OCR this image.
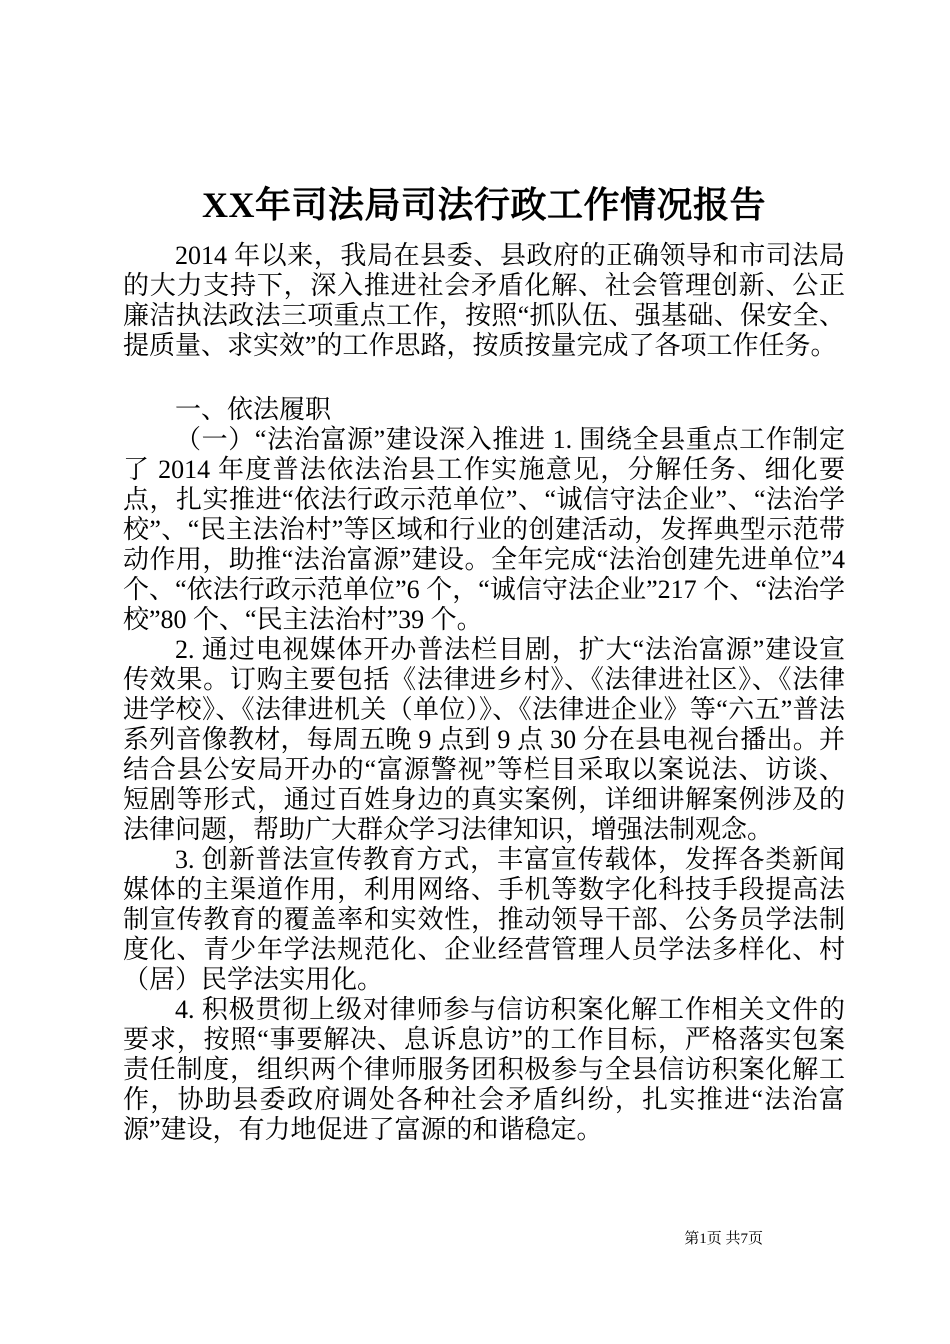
XX年司法局司法行政工作情况报告

2014 年以来，我局在县委、县政府的正确领导和市司法局的大力支持下，深入推进社会矛盾化解、社会管理创新、公正廉洁执法政法三项重点工作，按照“抓队伍、强基础、保安全、提质量、求实效”的工作思路，按质按量完成了各项工作任务。

一、依法履职

（一）“法治富源”建设深入推进 1. 围绕全县重点工作制定了 2014 年度普法依法治县工作实施意见，分解任务、细化要点，扎实推进“依法行政示范单位”、“诚信守法企业”、“法治学校”、“民主法治村”等区域和行业的创建活动，发挥典型示范带动作用，助推“法治富源”建设。全年完成“法治创建先进单位”4 个、“依法行政示范单位”6 个，“诚信守法企业”217 个、“法治学校”80 个、“民主法治村”39 个。

2. 通过电视媒体开办普法栏目剧，扩大“法治富源”建设宣传效果。订购主要包括《法律进乡村》、《法律进社区》、《法律进学校》、《法律进机关（单位）》、《法律进企业》等“六五”普法系列音像教材，每周五晚 9 点到 9 点 30 分在县电视台播出。并结合县公安局开办的“富源警视”等栏目采取以案说法、访谈、短剧等形式，通过百姓身边的真实案例，详细讲解案例涉及的法律问题，帮助广大群众学习法律知识，增强法制观念。

3. 创新普法宣传教育方式，丰富宣传载体，发挥各类新闻媒体的主渠道作用，利用网络、手机等数字化科技手段提高法制宣传教育的覆盖率和实效性，推动领导干部、公务员学法制度化、青少年学法规范化、企业经营管理人员学法多样化、村（居）民学法实用化。

4. 积极贯彻上级对律师参与信访积案化解工作相关文件的要求，按照“事要解决、息诉息访”的工作目标，严格落实包案责任制度，组织两个律师服务团积极参与全县信访积案化解工作，协助县委政府调处各种社会矛盾纠纷，扎实推进“法治富源”建设，有力地促进了富源的和谐稳定。

第1页 共7页
